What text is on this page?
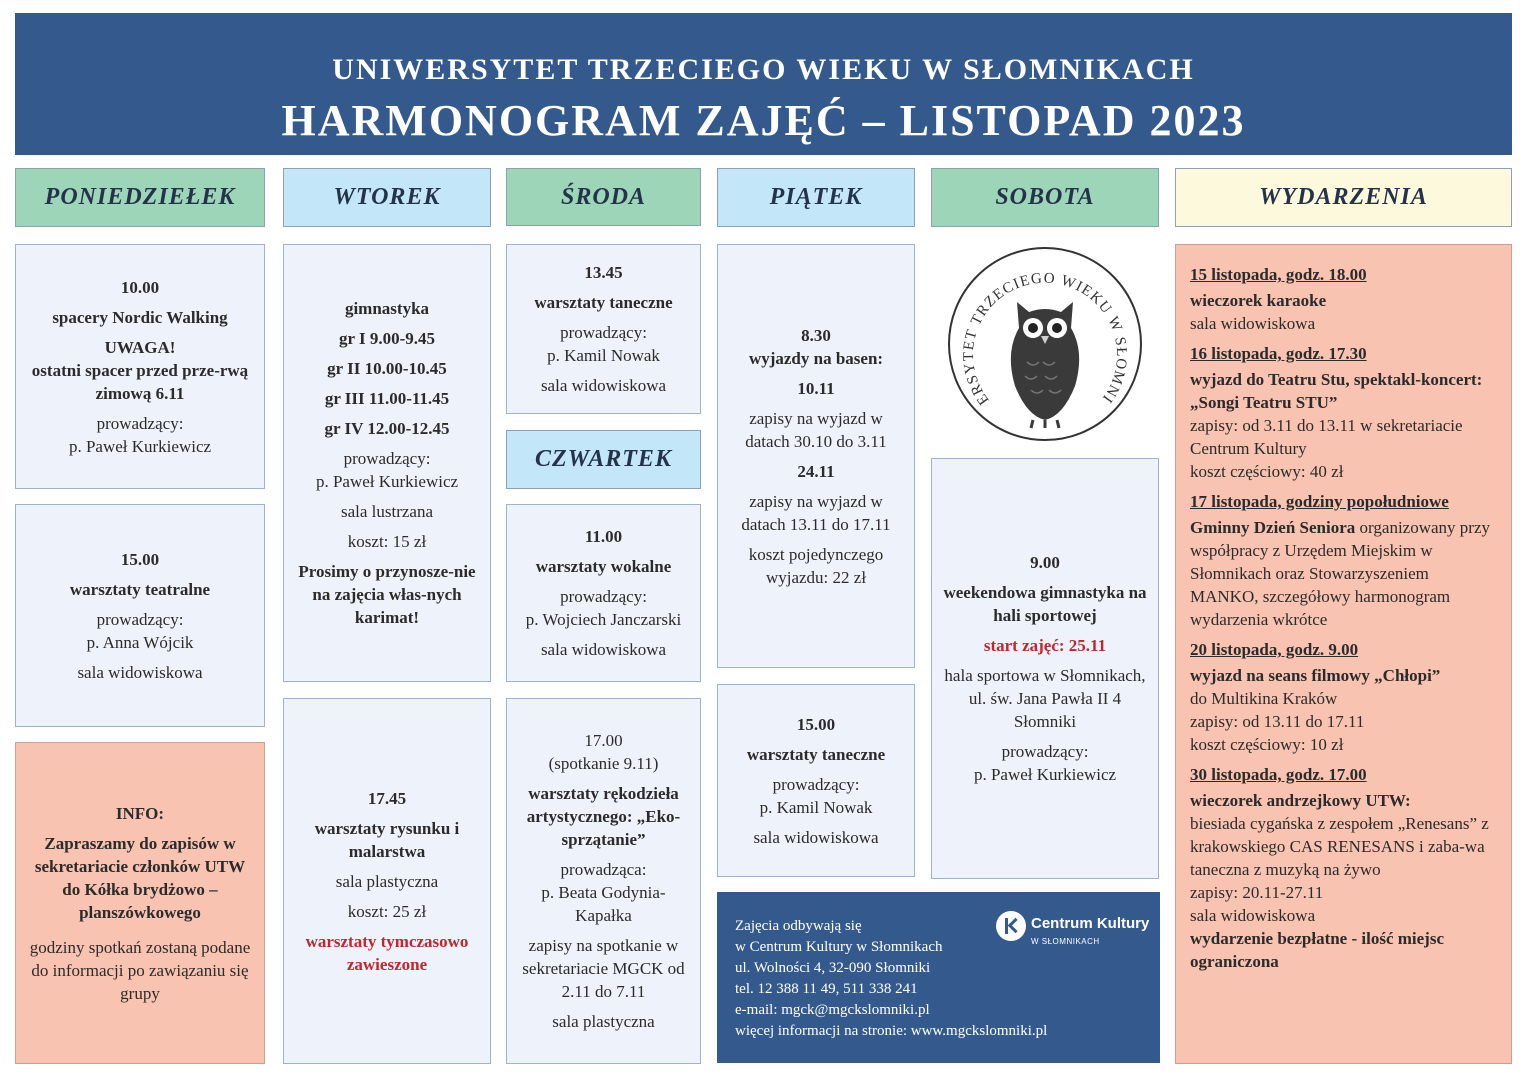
UNIWERSYTET TRZECIEGO WIEKU W SŁOMNIKACH
HARMONOGRAM ZAJĘĆ – LISTOPAD 2023
PONIEDZIEŁEK	WTOREK	ŚRODA	PIĄTEK	SOBOTA	WYDARZENIA
CZWARTEK
10.00
spacery Nordic Walking
UWAGA!
ostatni spacer przed prze-rwą zimową 6.11
prowadzący:
p. Paweł Kurkiewicz
15.00
warsztaty teatralne
prowadzący:
p. Anna Wójcik
sala widowiskowa
INFO:
Zapraszamy do zapisów w sekretariacie członków UTW do Kółka brydżowo – planszówkowego
godziny spotkań zostaną podane do informacji po zawiązaniu się grupy
gimnastyka
gr I 9.00-9.45
gr II 10.00-10.45
gr III 11.00-11.45
gr IV 12.00-12.45
prowadzący:
p. Paweł Kurkiewicz
sala lustrzana
koszt: 15 zł
Prosimy o przynosze-nie na zajęcia włas-nych karimat!
17.45
warsztaty rysunku i malarstwa
sala plastyczna
koszt: 25 zł
warsztaty tymczasowo zawieszone
13.45
warsztaty taneczne
prowadzący:
p. Kamil Nowak
sala widowiskowa
11.00
warsztaty wokalne
prowadzący:
p. Wojciech Janczarski
sala widowiskowa
17.00
(spotkanie 9.11)
warsztaty rękodzieła artystycznego: „Eko-sprzątanie”
prowadząca:
p. Beata Godynia-Kapałka
zapisy na spotkanie w sekretariacie MGCK od 2.11 do 7.11
sala plastyczna
8.30
wyjazdy na basen:
10.11
zapisy na wyjazd w datach 30.10 do 3.11
24.11
zapisy na wyjazd w datach 13.11 do 17.11
koszt pojedynczego wyjazdu: 22 zł
15.00
warsztaty taneczne
prowadzący:
p. Kamil Nowak
sala widowiskowa
ERSYTET TRZECIEGO WIEKU W SŁOMNI
9.00
weekendowa gimnastyka na hali sportowej
start zajęć: 25.11
hala sportowa w Słomnikach, ul. św. Jana Pawła II 4 Słomniki
prowadzący:
p. Paweł Kurkiewicz
Zajęcia odbywają się
w Centrum Kultury w Słomnikach
ul. Wolności 4, 32-090 Słomniki
tel. 12 388 11 49, 511 338 241
e-mail: mgck@mgckslomniki.pl
więcej informacji na stronie: www.mgckslomniki.pl
Centrum Kultury
W SŁOMNIKACH
15 listopada, godz. 18.00
wieczorek karaoke
sala widowiskowa
16 listopada, godz. 17.30
wyjazd do Teatru Stu, spektakl-koncert: „Songi Teatru STU”
zapisy: od 3.11 do 13.11 w sekretariacie Centrum Kultury
koszt częściowy: 40 zł
17 listopada, godziny popołudniowe
Gminny Dzień Seniora organizowany przy współpracy z Urzędem Miejskim w Słomnikach oraz Stowarzyszeniem MANKO, szczegółowy harmonogram wydarzenia wkrótce
20 listopada, godz. 9.00
wyjazd na seans filmowy „Chłopi”
do Multikina Kraków
zapisy: od 13.11 do 17.11
koszt częściowy: 10 zł
30 listopada, godz. 17.00
wieczorek andrzejkowy UTW:
biesiada cygańska z zespołem „Renesans” z krakowskiego CAS RENESANS i zaba-wa taneczna z muzyką na żywo
zapisy: 20.11-27.11
sala widowiskowa
wydarzenie bezpłatne - ilość miejsc ograniczona
